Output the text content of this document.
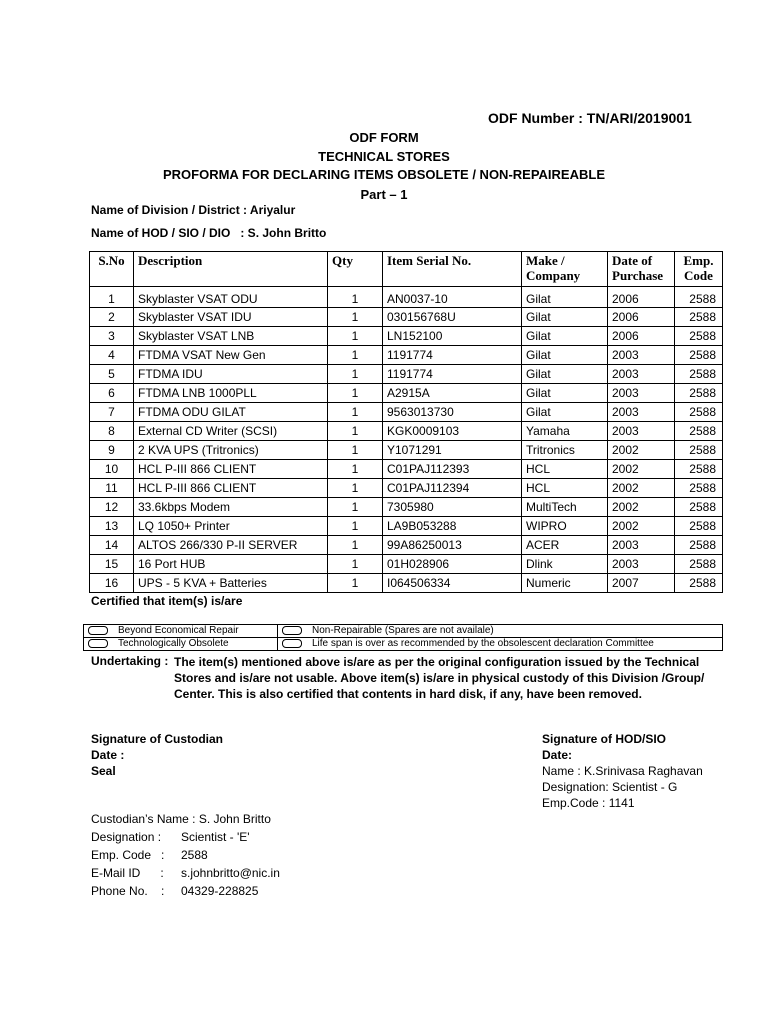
ODF Number : TN/ARI/2019001
ODF FORM
TECHNICAL STORES
PROFORMA FOR DECLARING ITEMS OBSOLETE / NON-REPAIREABLE
Part – 1
Name of Division / District : Ariyalur
Name of HOD / SIO / DIO   : S. John Britto
S.No	Description	Qty	Item Serial No.	Make / Company	Date of Purchase	Emp. Code
1	Skyblaster VSAT ODU	1	AN0037-10	Gilat	2006	2588
2	Skyblaster VSAT IDU	1	030156768U	Gilat	2006	2588
3	Skyblaster VSAT LNB	1	LN152100	Gilat	2006	2588
4	FTDMA VSAT New Gen	1	1191774	Gilat	2003	2588
5	FTDMA IDU	1	1191774	Gilat	2003	2588
6	FTDMA LNB 1000PLL	1	A2915A	Gilat	2003	2588
7	FTDMA ODU GILAT	1	9563013730	Gilat	2003	2588
8	External CD Writer (SCSI)	1	KGK0009103	Yamaha	2003	2588
9	2 KVA UPS (Tritronics)	1	Y1071291	Tritronics	2002	2588
10	HCL P-III 866 CLIENT	1	C01PAJ112393	HCL	2002	2588
11	HCL P-III 866 CLIENT	1	C01PAJ112394	HCL	2002	2588
12	33.6kbps Modem	1	7305980	MultiTech	2002	2588
13	LQ 1050+ Printer	1	LA9B053288	WIPRO	2002	2588
14	ALTOS 266/330 P-II SERVER	1	99A86250013	ACER	2003	2588
15	16 Port HUB	1	01H028906	Dlink	2003	2588
16	UPS - 5 KVA + Batteries	1	I064506334	Numeric	2007	2588
Certified that item(s) is/are
Beyond Economical Repair	Non-Repairable (Spares are not availale)
Technologically Obsolete	Life span is over as recommended by the obsolescent declaration Committee
Undertaking : The item(s) mentioned above is/are as per the original configuration issued by the Technical Stores and is/are not usable. Above item(s) is/are in physical custody of this Division /Group/ Center. This is also certified that contents in hard disk, if any, have been removed.
Signature of Custodian
Date :
Seal
Signature of HOD/SIO
Date:
Name : K.Srinivasa Raghavan
Designation: Scientist - G
Emp.Code : 1141
Custodian’s Name : S. John Britto
Designation : Scientist - 'E'
Emp. Code   : 2588
E-Mail ID      : s.johnbritto@nic.in
Phone No.    : 04329-228825
